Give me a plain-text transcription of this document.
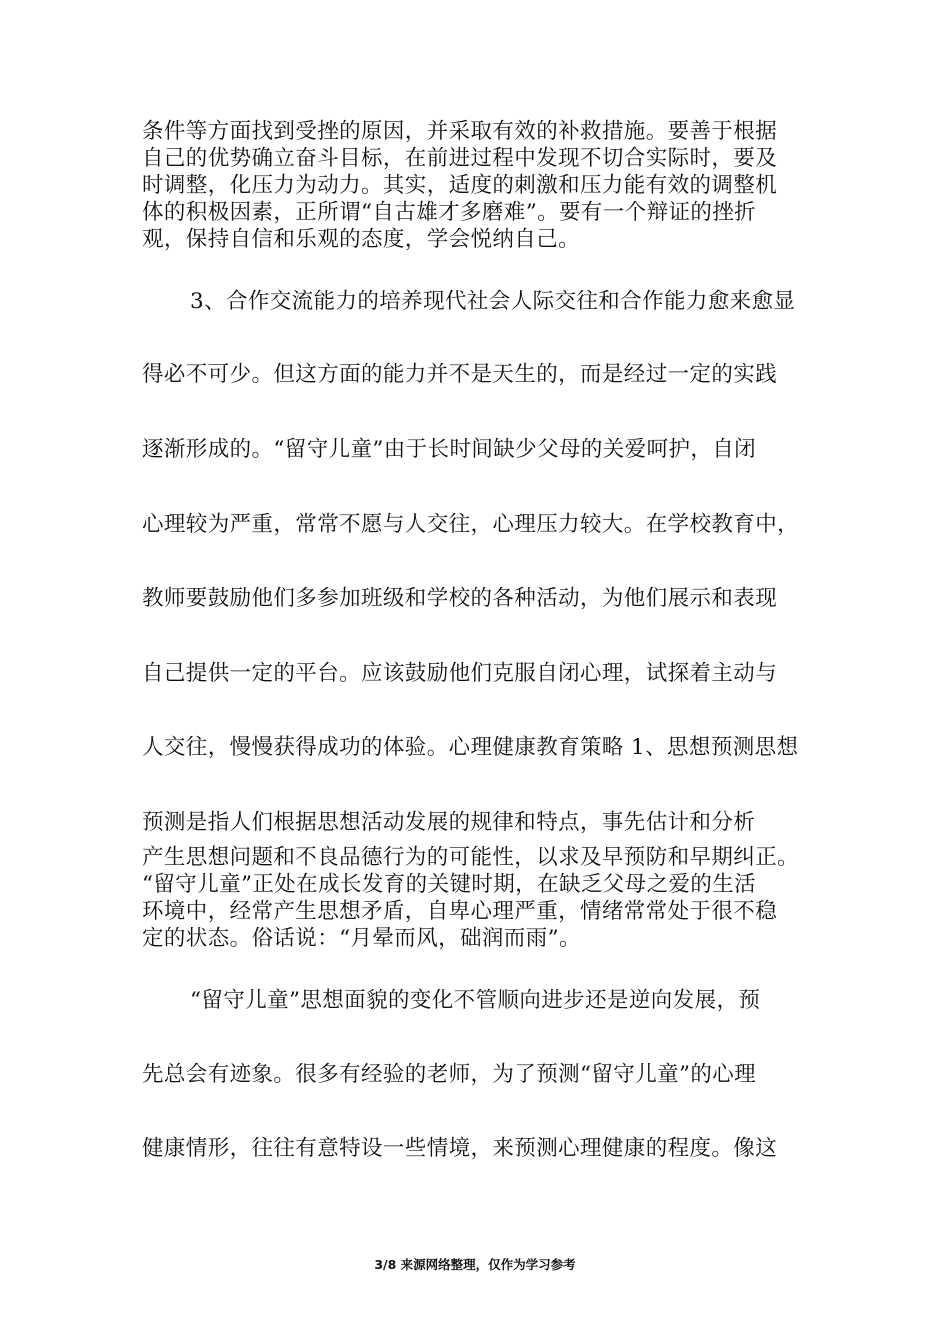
条件等方面找到受挫的原因，并采取有效的补救措施。要善于根据

自己的优势确立奋斗目标，在前进过程中发现不切合实际时，要及

时调整，化压力为动力。其实，适度的刺激和压力能有效的调整机

体的积极因素，正所谓“自古雄才多磨难”。要有一个辩证的挫折

观，保持自信和乐观的态度，学会悦纳自己。

3、合作交流能力的培养现代社会人际交往和合作能力愈来愈显

得必不可少。但这方面的能力并不是天生的，而是经过一定的实践

逐渐形成的。“留守儿童”由于长时间缺少父母的关爱呵护，自闭

心理较为严重，常常不愿与人交往，心理压力较大。在学校教育中，

教师要鼓励他们多参加班级和学校的各种活动，为他们展示和表现

自己提供一定的平台。应该鼓励他们克服自闭心理，试探着主动与

人交往，慢慢获得成功的体验。心理健康教育策略 1、思想预测思想

预测是指人们根据思想活动发展的规律和特点，事先估计和分析

产生思想问题和不良品德行为的可能性，以求及早预防和早期纠正。

“留守儿童”正处在成长发育的关键时期，在缺乏父母之爱的生活

环境中，经常产生思想矛盾，自卑心理严重，情绪常常处于很不稳

定的状态。俗话说：“月晕而风，础润而雨”。

“留守儿童”思想面貌的变化不管顺向进步还是逆向发展，预

先总会有迹象。很多有经验的老师，为了预测“留守儿童”的心理

健康情形，往往有意特设一些情境，来预测心理健康的程度。像这

3/8 来源网络整理，仅作为学习参考
